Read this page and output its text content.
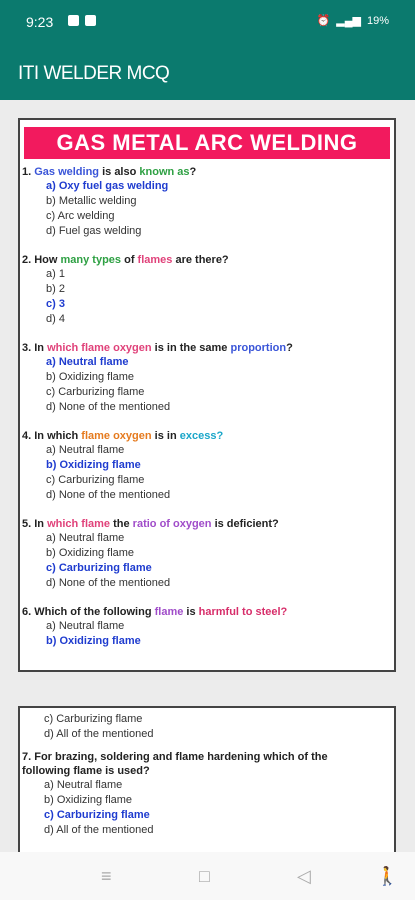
9:23	⏰ ▂▄▆ 19%
ITI WELDER MCQ
GAS METAL ARC WELDING
1. Gas welding is also known as?
a) Oxy fuel gas welding
b) Metallic welding
c) Arc welding
d) Fuel gas welding
2. How many types of flames are there?
a) 1
b) 2
c) 3
d) 4
3. In which flame oxygen is in the same proportion?
a) Neutral flame
b) Oxidizing flame
c) Carburizing flame
d) None of the mentioned
4. In which flame oxygen is in excess?
a) Neutral flame
b) Oxidizing flame
c) Carburizing flame
d) None of the mentioned
5. In which flame the ratio of oxygen is deficient?
a) Neutral flame
b) Oxidizing flame
c) Carburizing flame
d) None of the mentioned
6. Which of the following flame is harmful to steel?
a) Neutral flame
b) Oxidizing flame
c) Carburizing flame
d) All of the mentioned
7. For brazing, soldering and flame hardening which of the
following flame is used?
a) Neutral flame
b) Oxidizing flame
c) Carburizing flame
d) All of the mentioned
≡	□	◁	🚶
